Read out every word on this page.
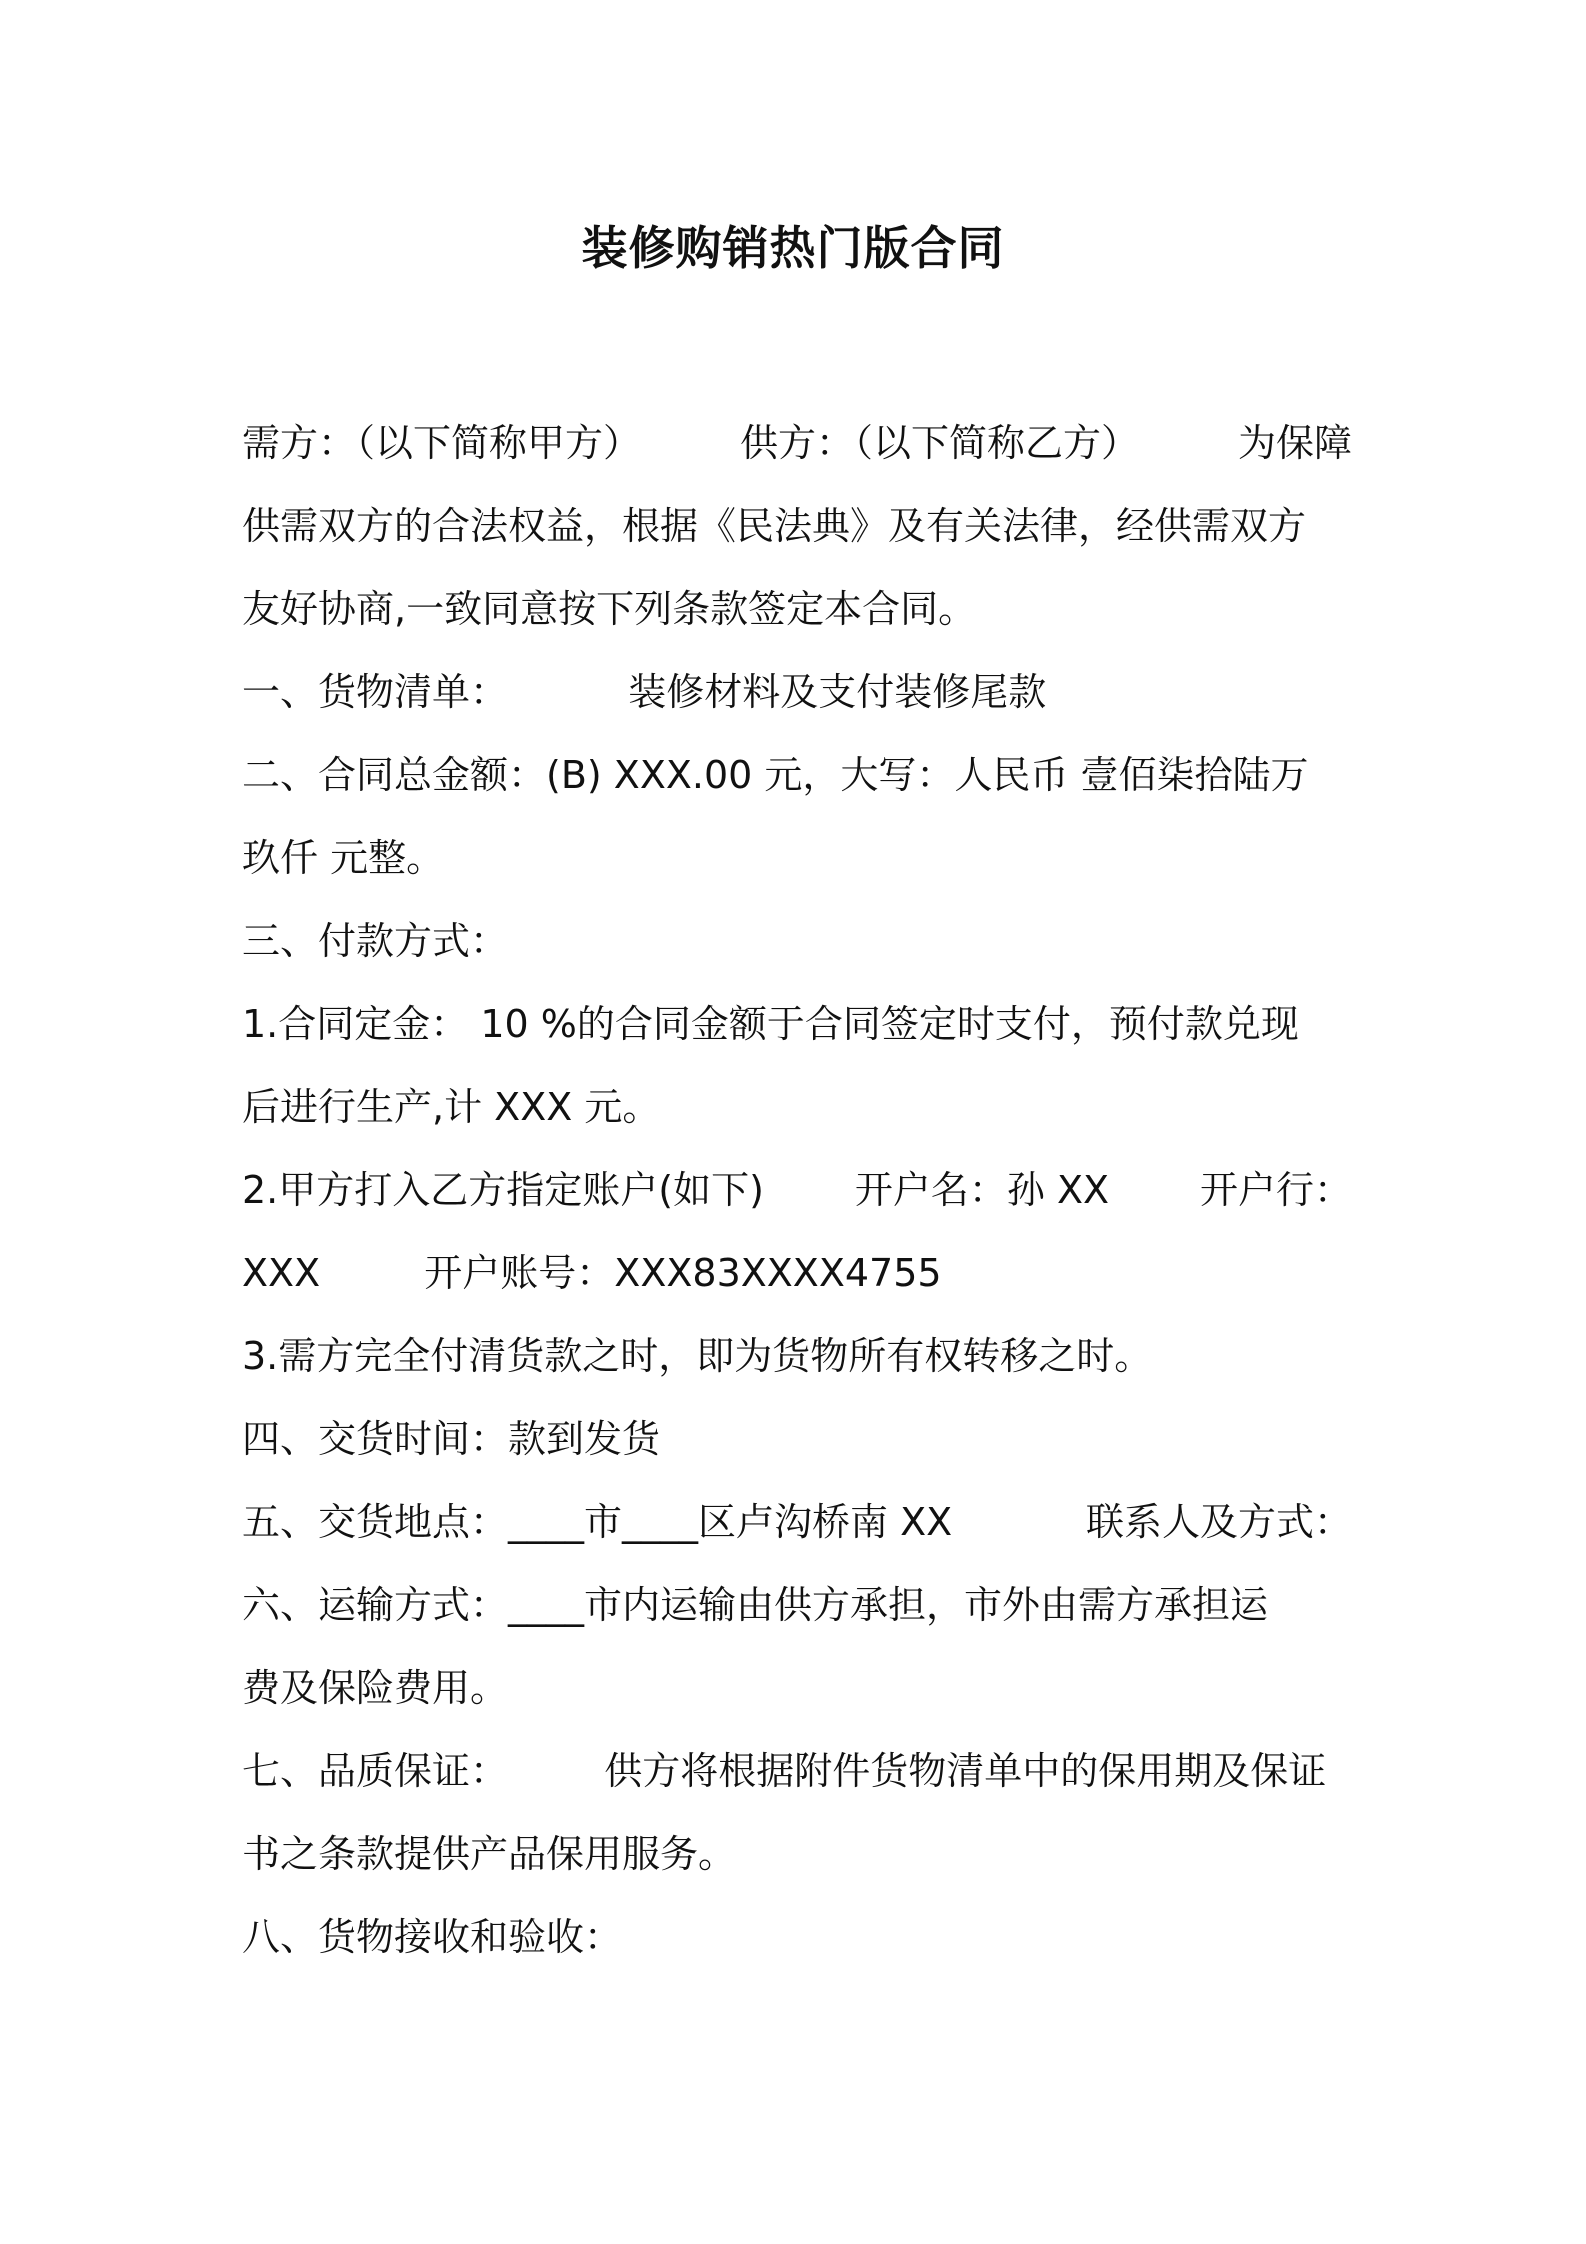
装修购销热门版合同
需方：（以下简称甲方）	供方：（以下简称乙方）	为保障
供需双方的合法权益，根据《民法典》及有关法律，经供需双方
友好协商,一致同意按下列条款签定本合同。
一、货物清单：	装修材料及支付装修尾款
二、合同总金额：(B) XXX.00 元，大写：人民币 壹佰柒拾陆万
玖仟 元整。
三、付款方式：
1.合同定金： 10 %的合同金额于合同签定时支付，预付款兑现
后进行生产,计 XXX 元。
2.甲方打入乙方指定账户(如下) 开户名：孙 XX 开户行：
XXX	开户账号：XXX83XXXX4755
3.需方完全付清货款之时，即为货物所有权转移之时。
四、交货时间：款到发货
五、交货地点：____市____区卢沟桥南 XX	联系人及方式：
六、运输方式：____市内运输由供方承担，市外由需方承担运
费及保险费用。
七、品质保证：	供方将根据附件货物清单中的保用期及保证
书之条款提供产品保用服务。
八、货物接收和验收：
